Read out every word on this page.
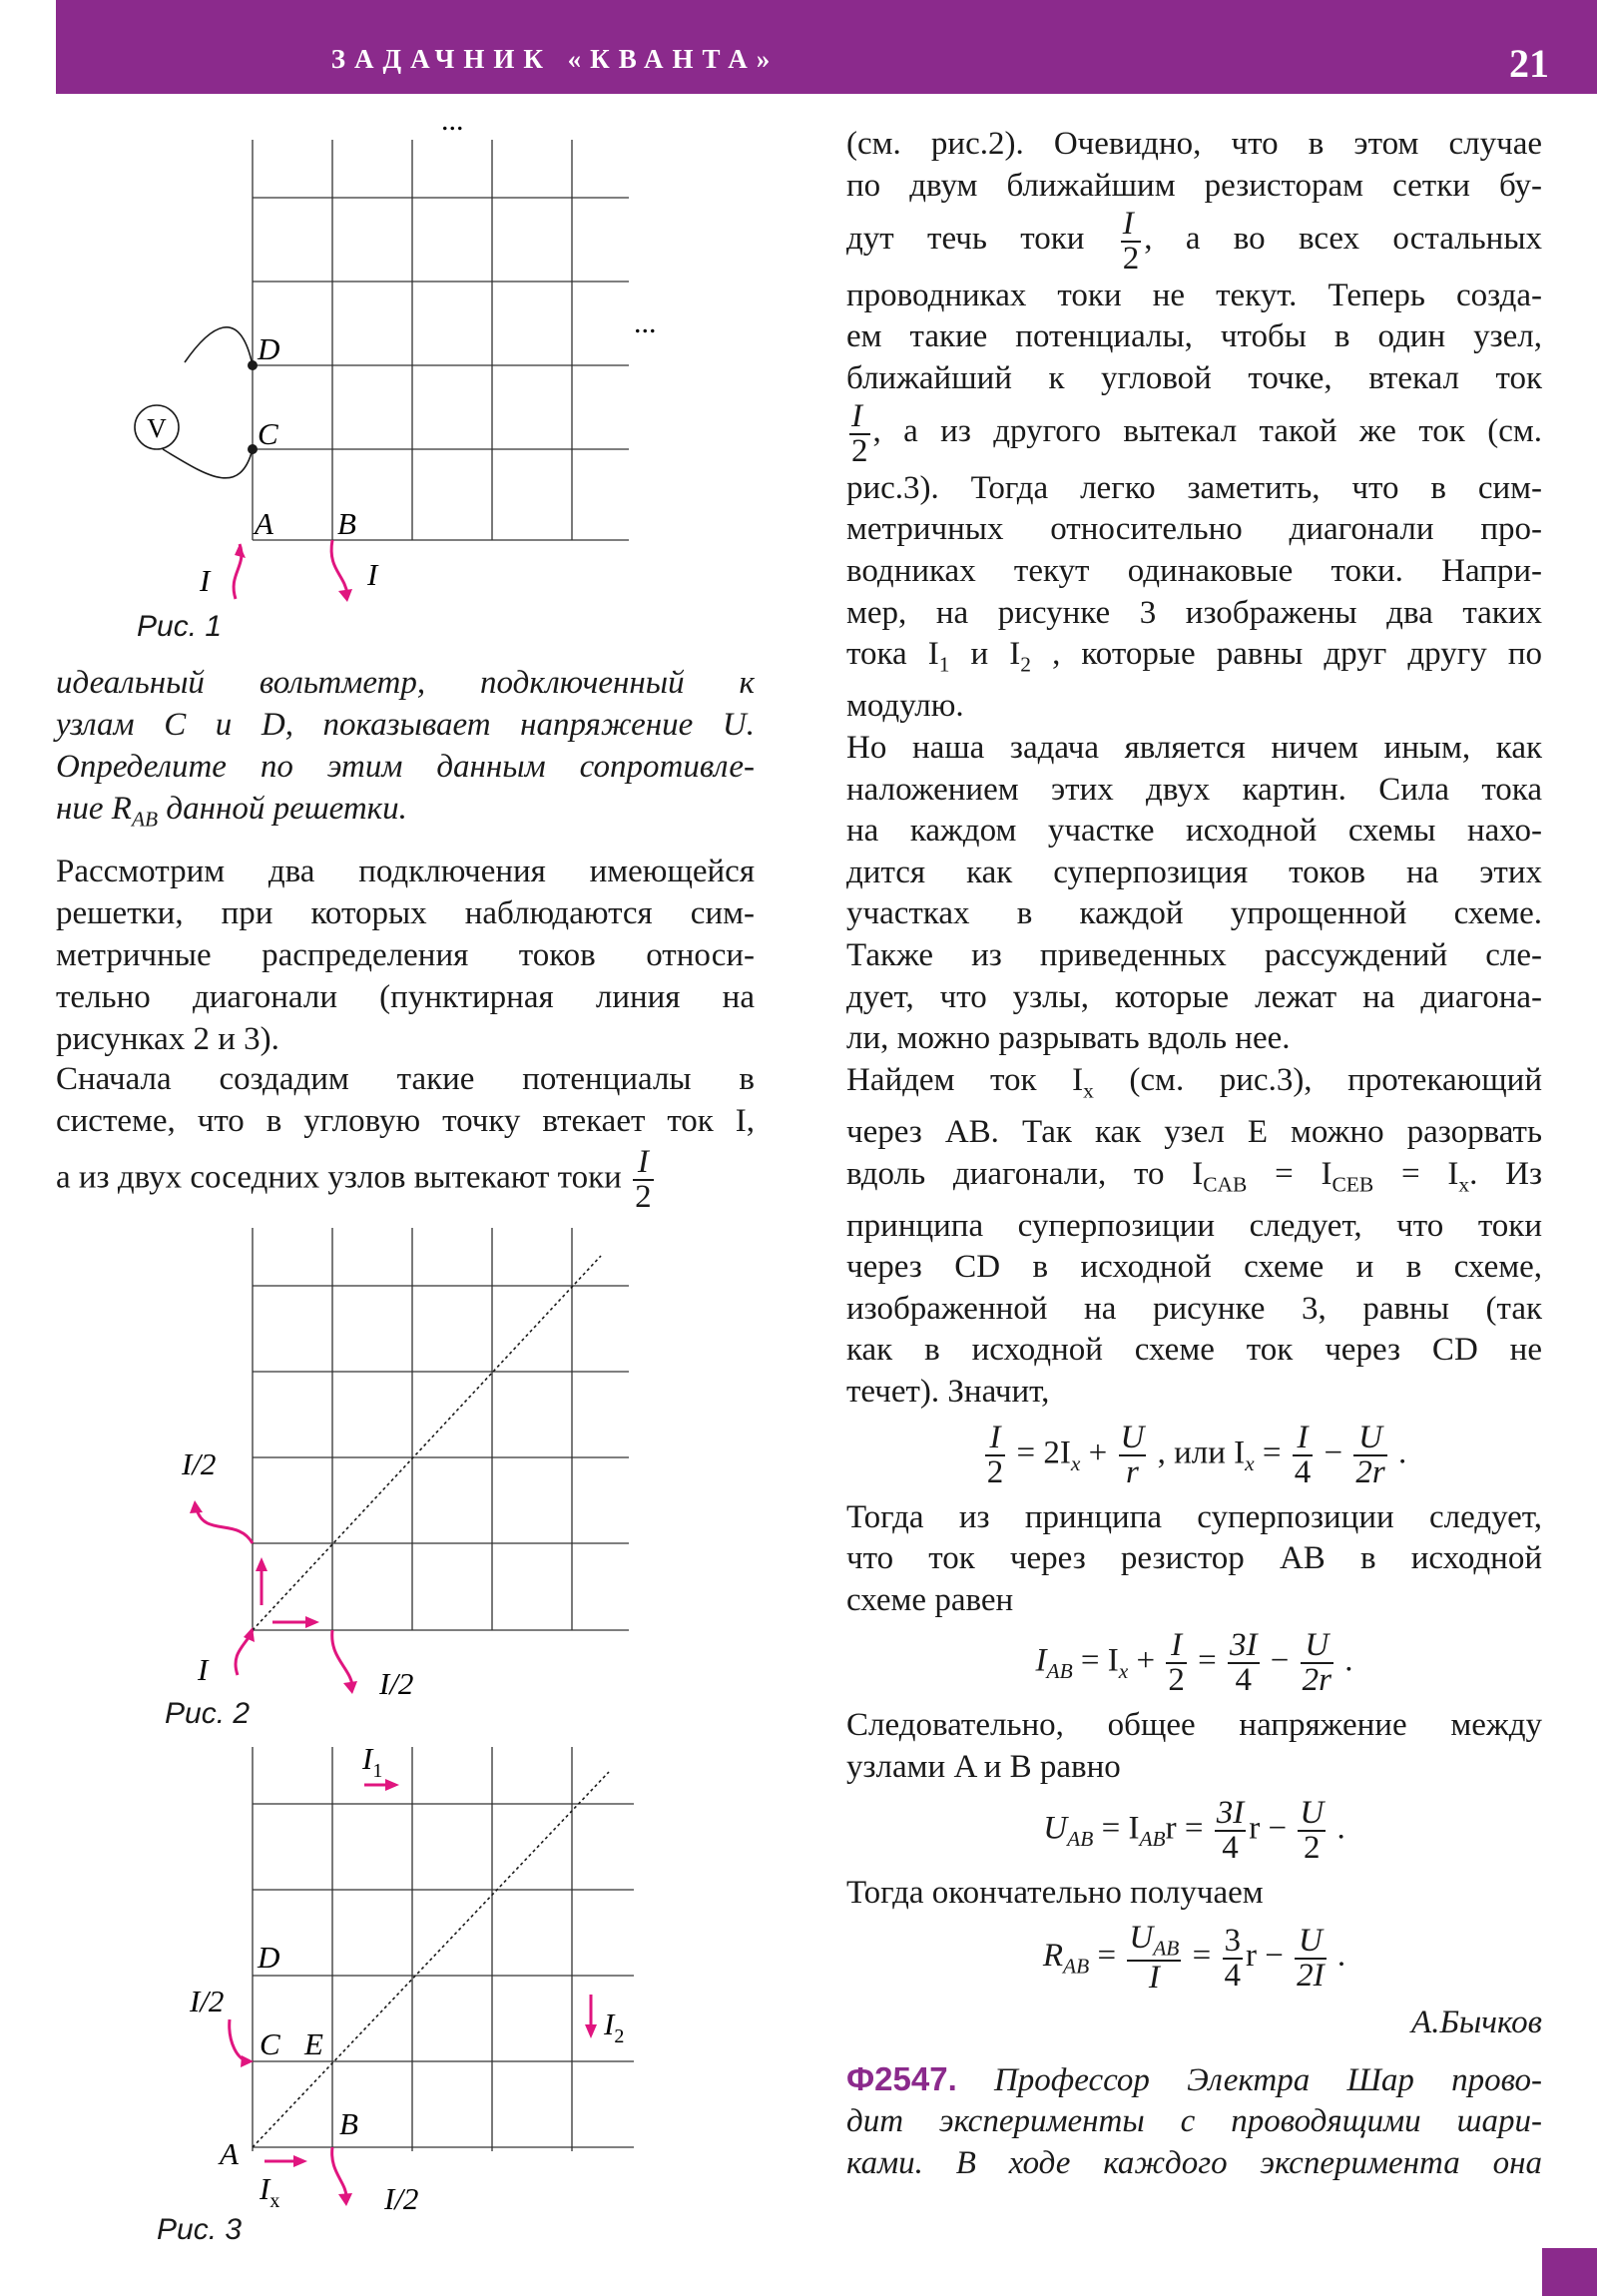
ЗАДАЧНИК «КВАНТА»	21
V
D
C
A B
...
...
I	I
Рис. 1

идеальный вольтметр, подключенный к

узлам C и D, показывает напряжение U.

Определите по этим данным сопротивле-

ние $R_{AB}$ данной решетки.

Рассмотрим два подключения имеющейся

решетки, при которых наблюдаются сим-

метричные распределения токов относи-

тельно диагонали (пунктирная линия на

рисунках 2 и 3).

Сначала создадим такие потенциалы в

системе, что в угловую точку втекает ток I,

а из двух соседних узлов вытекают токи $\frac{I}{2}$

I/2
I	I/2
Рис. 2
$I_1$
$I_2$
D
C E
A
B
I/2
$I_x$	I/2
Рис. 3

(см. рис.2). Очевидно, что в этом случае

по двум ближайшим резисторам сетки бу-

дут течь токи $\frac{I}{2}$ , а во всех остальных

проводниках токи не текут. Теперь созда-

ем такие потенциалы, чтобы в один узел,

ближайший к угловой точке, втекал ток

$\frac{I}{2}$ , а из другого вытекал такой же ток (см.

рис.3). Тогда легко заметить, что в сим-

метричных относительно диагонали про-

водниках текут одинаковые токи. Напри-

мер, на рисунке 3 изображены два таких

тока $I_1$ и $I_2$ , которые равны друг другу по

модулю.

Но наша задача является ничем иным, как

наложением этих двух картин. Сила тока

на каждом участке исходной схемы нахо-

дится как суперпозиция токов на этих

участках в каждой упрощенной схеме.

Также из приведенных рассуждений сле-

дует, что узлы, которые лежат на диагона-

ли, можно разрывать вдоль нее.

Найдем ток $I_x$ (см. рис.3), протекающий

через AB. Так как узел E можно разорвать

вдоль диагонали, то $I_{CAB} = I_{CEB} = I_x$. Из

принципа суперпозиции следует, что токи

через CD в исходной схеме и в схеме,

изображенной на рисунке 3, равны (так

как в исходной схеме ток через CD не

течет). Значит,

$\frac{I}{2} = 2I_x + \frac{U}{r}$ , или $I_x = \frac{I}{4} - \frac{U}{2r}$ .

Тогда из принципа суперпозиции следует,

что ток через резистор AB в исходной

схеме равен

$I_{AB} = I_x + \frac{I}{2} = \frac{3I}{4} - \frac{U}{2r}$ .

Следовательно, общее напряжение между

узлами A и B равно

$U_{AB} = I_{AB}r = \frac{3I}{4}$ $r - \frac{U}{2}$ .

Тогда окончательно получаем

$R_{AB} = \frac{U_{AB}}{I} = \frac{3}{4}$ $r - \frac{U}{2I}$ .

А.Бычков

Ф2547. Профессор Электра Шар прово-

дит эксперименты с проводящими шари-

ками. В ходе каждого эксперимента она
